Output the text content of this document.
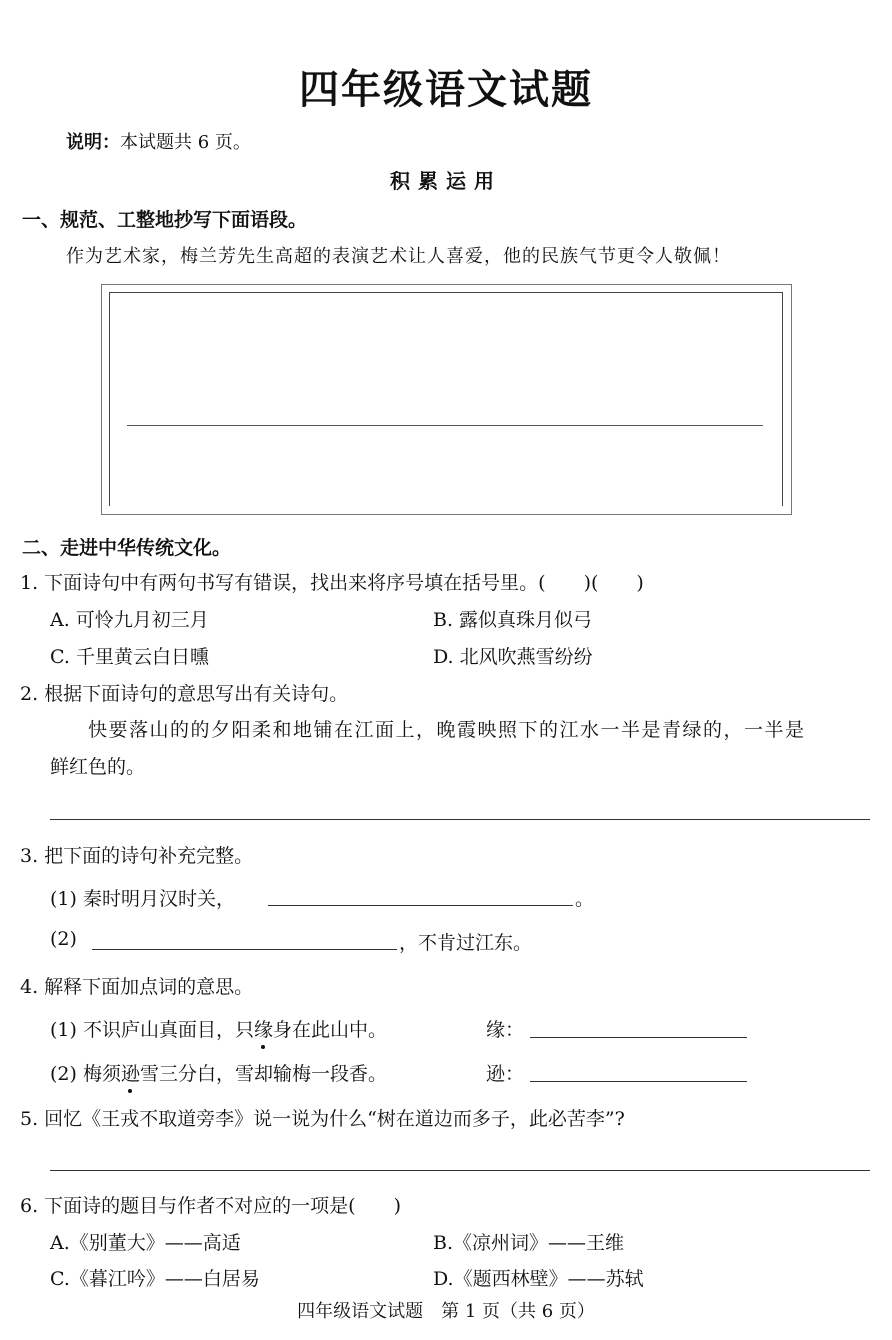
四年级语文试题
说明：本试题共 6 页。
积累运用
一、规范、工整地抄写下面语段。
作为艺术家，梅兰芳先生高超的表演艺术让人喜爱，他的民族气节更令人敬佩！
二、走进中华传统文化。
1. 下面诗句中有两句书写有错误，找出来将序号填在括号里。(　　)(　　)
A. 可怜九月初三月	B. 露似真珠月似弓
C. 千里黄云白日曛	D. 北风吹燕雪纷纷
2. 根据下面诗句的意思写出有关诗句。
快要落山的的夕阳柔和地铺在江面上，晚霞映照下的江水一半是青绿的，一半是
鲜红色的。
3. 把下面的诗句补充完整。
(1) 秦时明月汉时关，	。
(2)	，不肯过江东。
4. 解释下面加点词的意思。
(1) 不识庐山真面目，只缘身在此山中。	缘：
(2) 梅须逊雪三分白，雪却输梅一段香。	逊：
5. 回忆《王戎不取道旁李》说一说为什么“树在道边而多子，此必苦李”?
6. 下面诗的题目与作者不对应的一项是(　　)
A.《别董大》——高适	B.《凉州词》——王维
C.《暮江吟》——白居易	D.《题西林壁》——苏轼
四年级语文试题　第 1 页（共 6 页）
